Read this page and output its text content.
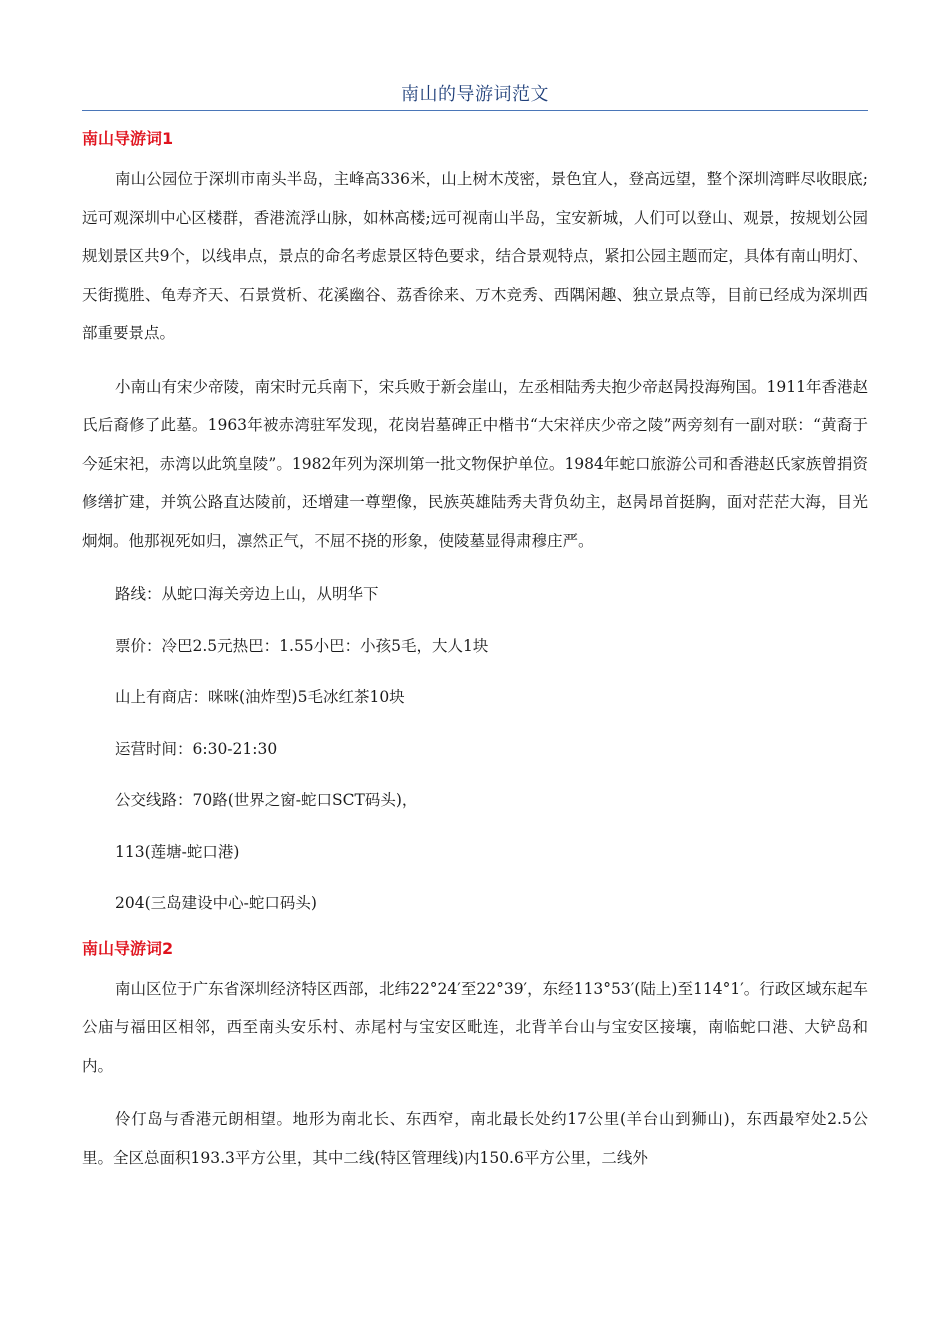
南山的导游词范文
南山导游词1

南山公园位于深圳市南头半岛，主峰高336米，山上树木茂密，景色宜人，登高远望，整个深圳湾畔尽收眼底;远可观深圳中心区楼群，香港流浮山脉，如林高楼;远可视南山半岛，宝安新城，人们可以登山、观景，按规划公园规划景区共9个，以线串点，景点的命名考虑景区特色要求，结合景观特点，紧扣公园主题而定，具体有南山明灯、天街揽胜、龟寿齐天、石景赏析、花溪幽谷、荔香徐来、万木竞秀、西隅闲趣、独立景点等，目前已经成为深圳西部重要景点。

小南山有宋少帝陵，南宋时元兵南下，宋兵败于新会崖山，左丞相陆秀夫抱少帝赵昺投海殉国。1911年香港赵氏后裔修了此墓。1963年被赤湾驻军发现，花岗岩墓碑正中楷书“大宋祥庆少帝之陵”两旁刻有一副对联：“黄裔于今延宋祀，赤湾以此筑皇陵”。1982年列为深圳第一批文物保护单位。1984年蛇口旅游公司和香港赵氏家族曾捐资修缮扩建，并筑公路直达陵前，还增建一尊塑像，民族英雄陆秀夫背负幼主，赵昺昂首挺胸，面对茫茫大海，目光炯炯。他那视死如归，凛然正气，不屈不挠的形象，使陵墓显得肃穆庄严。

路线：从蛇口海关旁边上山，从明华下

票价：冷巴2.5元热巴：1.55小巴：小孩5毛，大人1块

山上有商店：咪咪(油炸型)5毛冰红茶10块

运营时间：6:30-21:30

公交线路：70路(世界之窗-蛇口SCT码头)，

113(莲塘-蛇口港)

204(三岛建设中心-蛇口码头)

南山导游词2

南山区位于广东省深圳经济特区西部，北纬22°24′至22°39′，东经113°53′(陆上)至114°1′。行政区域东起车公庙与福田区相邻，西至南头安乐村、赤尾村与宝安区毗连，北背羊台山与宝安区接壤，南临蛇口港、大铲岛和内。

伶仃岛与香港元朗相望。地形为南北长、东西窄，南北最长处约17公里(羊台山到狮山)，东西最窄处2.5公里。全区总面积193.3平方公里，其中二线(特区管理线)内150.6平方公里，二线外
